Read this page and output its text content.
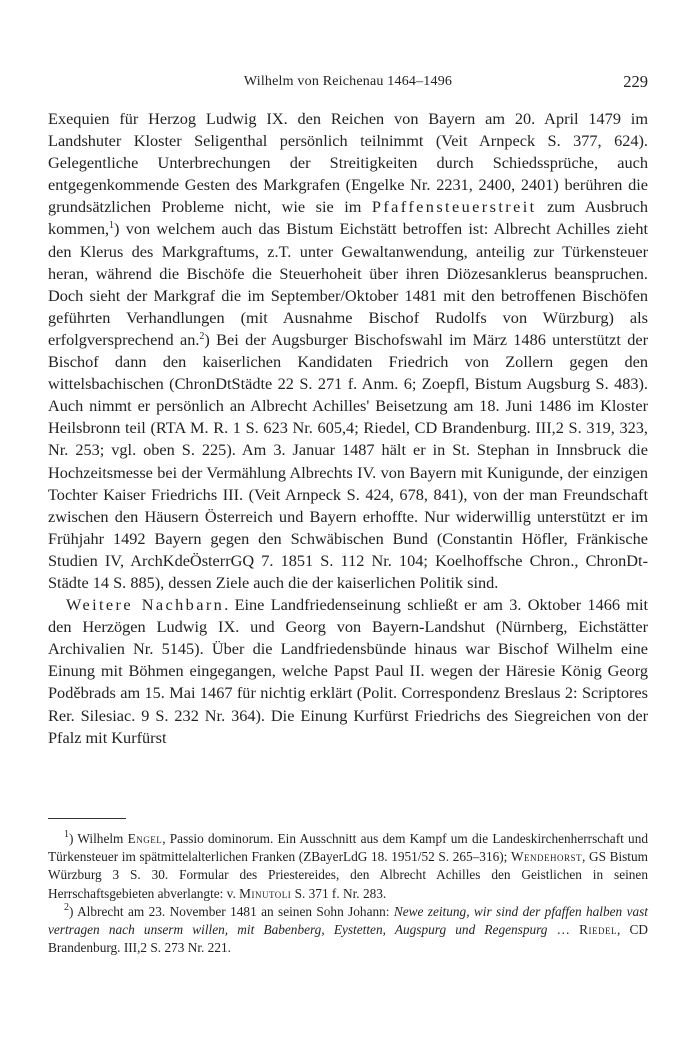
Wilhelm von Reichenau 1464–1496	229

Exequien für Herzog Ludwig IX. den Reichen von Bayern am 20. April 1479 im Landshuter Kloster Seligenthal persönlich teilnimmt (Veit Arnpeck S. 377, 624). Gelegentliche Unterbrechungen der Streitigkeiten durch Schiedssprüche, auch entgegenkommende Gesten des Markgrafen (Engelke Nr. 2231, 2400, 2401) berühren die grundsätzlichen Probleme nicht, wie sie im Pfaffensteuerstreit zum Ausbruch kommen,$^1$) von welchem auch das Bistum Eichstätt betroffen ist: Albrecht Achilles zieht den Klerus des Markgraftums, z.T. unter Gewaltanwendung, anteilig zur Türkensteuer heran, während die Bischöfe die Steuerhoheit über ihren Diözesanklerus beanspruchen. Doch sieht der Markgraf die im September/Oktober 1481 mit den betroffenen Bischöfen geführten Verhandlungen (mit Ausnahme Bischof Rudolfs von Würzburg) als erfolgversprechend an.$^2$) Bei der Augsburger Bischofswahl im März 1486 unterstützt der Bischof dann den kaiserlichen Kandidaten Friedrich von Zollern gegen den wittelsbachischen (ChronDtStädte 22 S. 271 f. Anm. 6; Zoepfl, Bistum Augsburg S. 483). Auch nimmt er persönlich an Albrecht Achilles' Beisetzung am 18. Juni 1486 im Kloster Heilsbronn teil (RTA M. R. 1 S. 623 Nr. 605,4; Riedel, CD Brandenburg. III,2 S. 319, 323, Nr. 253; vgl. oben S. 225). Am 3. Januar 1487 hält er in St. Stephan in Innsbruck die Hochzeitsmesse bei der Vermählung Albrechts IV. von Bayern mit Kunigunde, der einzigen Tochter Kaiser Friedrichs III. (Veit Arnpeck S. 424, 678, 841), von der man Freundschaft zwischen den Häusern Österreich und Bayern erhoffte. Nur widerwillig unterstützt er im Frühjahr 1492 Bayern gegen den Schwäbischen Bund (Constantin Höfler, Fränkische Studien IV, ArchKdeÖsterrGQ 7. 1851 S. 112 Nr. 104; Koelhoffsche Chron., ChronDtStädte 14 S. 885), dessen Ziele auch die der kaiserlichen Politik sind.

Weitere Nachbarn. Eine Landfriedenseinung schließt er am 3. Oktober 1466 mit den Herzögen Ludwig IX. und Georg von Bayern-Landshut (Nürnberg, Eichstätter Archivalien Nr. 5145). Über die Landfriedensbünde hinaus war Bischof Wilhelm eine Einung mit Böhmen eingegangen, welche Papst Paul II. wegen der Häresie König Georg Poděbrads am 15. Mai 1467 für nichtig erklärt (Polit. Correspondenz Breslaus 2: Scriptores Rer. Silesiac. 9 S. 232 Nr. 364). Die Einung Kurfürst Friedrichs des Siegreichen von der Pfalz mit Kurfürst

$^1$) Wilhelm Engel, Passio dominorum. Ein Ausschnitt aus dem Kampf um die Landeskirchenherrschaft und Türkensteuer im spätmittelalterlichen Franken (ZBayerLdG 18. 1951/52 S. 265–316); Wendehorst, GS Bistum Würzburg 3 S. 30. Formular des Priestereides, den Albrecht Achilles den Geistlichen in seinen Herrschaftsgebieten abverlangte: v. Minutoli S. 371 f. Nr. 283.

$^2$) Albrecht am 23. November 1481 an seinen Sohn Johann: Newe zeitung, wir sind der pfaffen halben vast vertragen nach unserm willen, mit Babenberg, Eystetten, Augspurg und Regenspurg … Riedel, CD Brandenburg. III,2 S. 273 Nr. 221.
